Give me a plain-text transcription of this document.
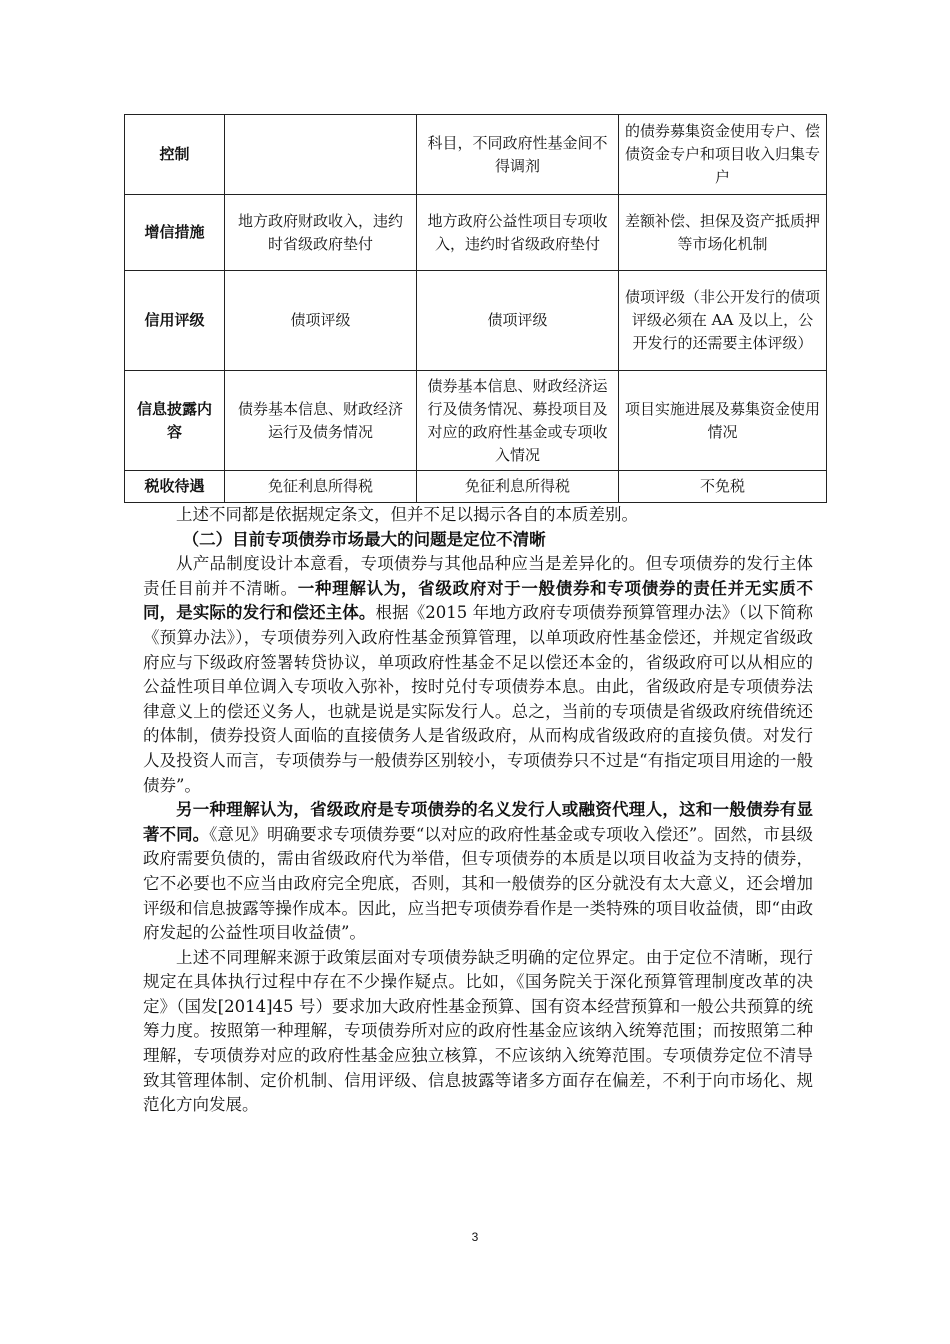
控制		科目，不同政府性基金间不得调剂	的债券募集资金使用专户、偿债资金专户和项目收入归集专户
增信措施	地方政府财政收入，违约时省级政府垫付	地方政府公益性项目专项收入，违约时省级政府垫付	差额补偿、担保及资产抵质押等市场化机制
信用评级	债项评级	债项评级	债项评级（非公开发行的债项评级必须在 AA 及以上，公开发行的还需要主体评级）
信息披露内容	债券基本信息、财政经济运行及债务情况	债券基本信息、财政经济运行及债务情况、募投项目及对应的政府性基金或专项收入情况	项目实施进展及募集资金使用情况
税收待遇	免征利息所得税	免征利息所得税	不免税

上述不同都是依据规定条文，但并不足以揭示各自的本质差别。

（二）目前专项债券市场最大的问题是定位不清晰

从产品制度设计本意看，专项债券与其他品种应当是差异化的。但专项债券的发行主体责任目前并不清晰。一种理解认为，省级政府对于一般债券和专项债券的责任并无实质不同，是实际的发行和偿还主体。根据《2015 年地方政府专项债券预算管理办法》（以下简称《预算办法》），专项债券列入政府性基金预算管理，以单项政府性基金偿还，并规定省级政府应与下级政府签署转贷协议，单项政府性基金不足以偿还本金的，省级政府可以从相应的公益性项目单位调入专项收入弥补，按时兑付专项债券本息。由此，省级政府是专项债券法律意义上的偿还义务人，也就是说是实际发行人。总之，当前的专项债是省级政府统借统还的体制，债券投资人面临的直接债务人是省级政府，从而构成省级政府的直接负债。对发行人及投资人而言，专项债券与一般债券区别较小，专项债券只不过是“有指定项目用途的一般债券”。

另一种理解认为，省级政府是专项债券的名义发行人或融资代理人，这和一般债券有显著不同。《意见》明确要求专项债券要“以对应的政府性基金或专项收入偿还”。固然，市县级政府需要负债的，需由省级政府代为举借，但专项债券的本质是以项目收益为支持的债券，它不必要也不应当由政府完全兜底，否则，其和一般债券的区分就没有太大意义，还会增加评级和信息披露等操作成本。因此，应当把专项债券看作是一类特殊的项目收益债，即“由政府发起的公益性项目收益债”。

上述不同理解来源于政策层面对专项债券缺乏明确的定位界定。由于定位不清晰，现行规定在具体执行过程中存在不少操作疑点。比如，《国务院关于深化预算管理制度改革的决定》（国发[2014]45 号）要求加大政府性基金预算、国有资本经营预算和一般公共预算的统筹力度。按照第一种理解，专项债券所对应的政府性基金应该纳入统筹范围；而按照第二种理解，专项债券对应的政府性基金应独立核算，不应该纳入统筹范围。专项债券定位不清导致其管理体制、定价机制、信用评级、信息披露等诸多方面存在偏差，不利于向市场化、规范化方向发展。

3
